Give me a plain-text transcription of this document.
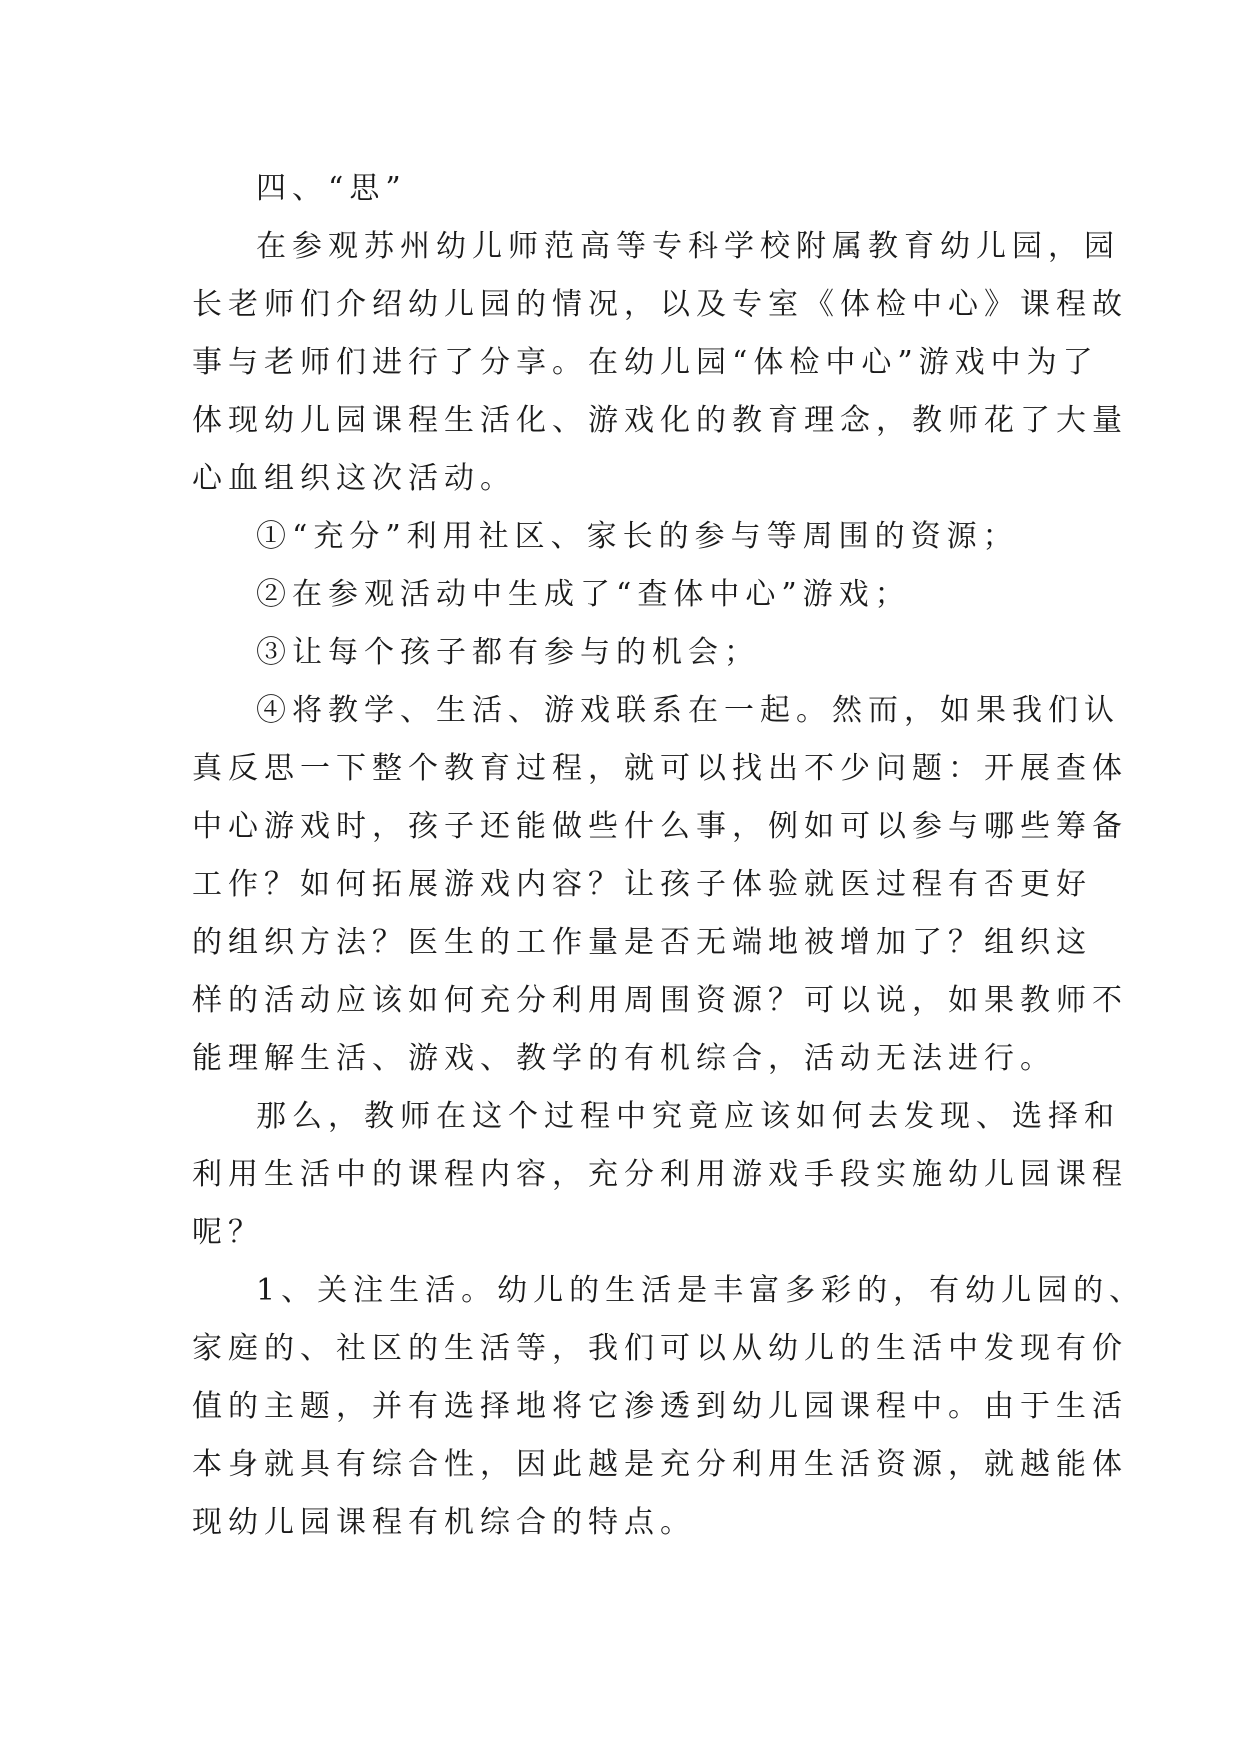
四、“思”
在参观苏州幼儿师范高等专科学校附属教育幼儿园，园
长老师们介绍幼儿园的情况，以及专室《体检中心》课程故
事与老师们进行了分享。在幼儿园“体检中心”游戏中为了
体现幼儿园课程生活化、游戏化的教育理念，教师花了大量
心血组织这次活动。
①“充分”利用社区、家长的参与等周围的资源；
②在参观活动中生成了“查体中心”游戏；
③让每个孩子都有参与的机会；
④将教学、生活、游戏联系在一起。然而，如果我们认
真反思一下整个教育过程，就可以找出不少问题：开展查体
中心游戏时，孩子还能做些什么事，例如可以参与哪些筹备
工作？如何拓展游戏内容？让孩子体验就医过程有否更好
的组织方法？医生的工作量是否无端地被增加了？组织这
样的活动应该如何充分利用周围资源？可以说，如果教师不
能理解生活、游戏、教学的有机综合，活动无法进行。
那么，教师在这个过程中究竟应该如何去发现、选择和
利用生活中的课程内容，充分利用游戏手段实施幼儿园课程
呢？
1、关注生活。幼儿的生活是丰富多彩的，有幼儿园的、
家庭的、社区的生活等，我们可以从幼儿的生活中发现有价
值的主题，并有选择地将它渗透到幼儿园课程中。由于生活
本身就具有综合性，因此越是充分利用生活资源，就越能体
现幼儿园课程有机综合的特点。
